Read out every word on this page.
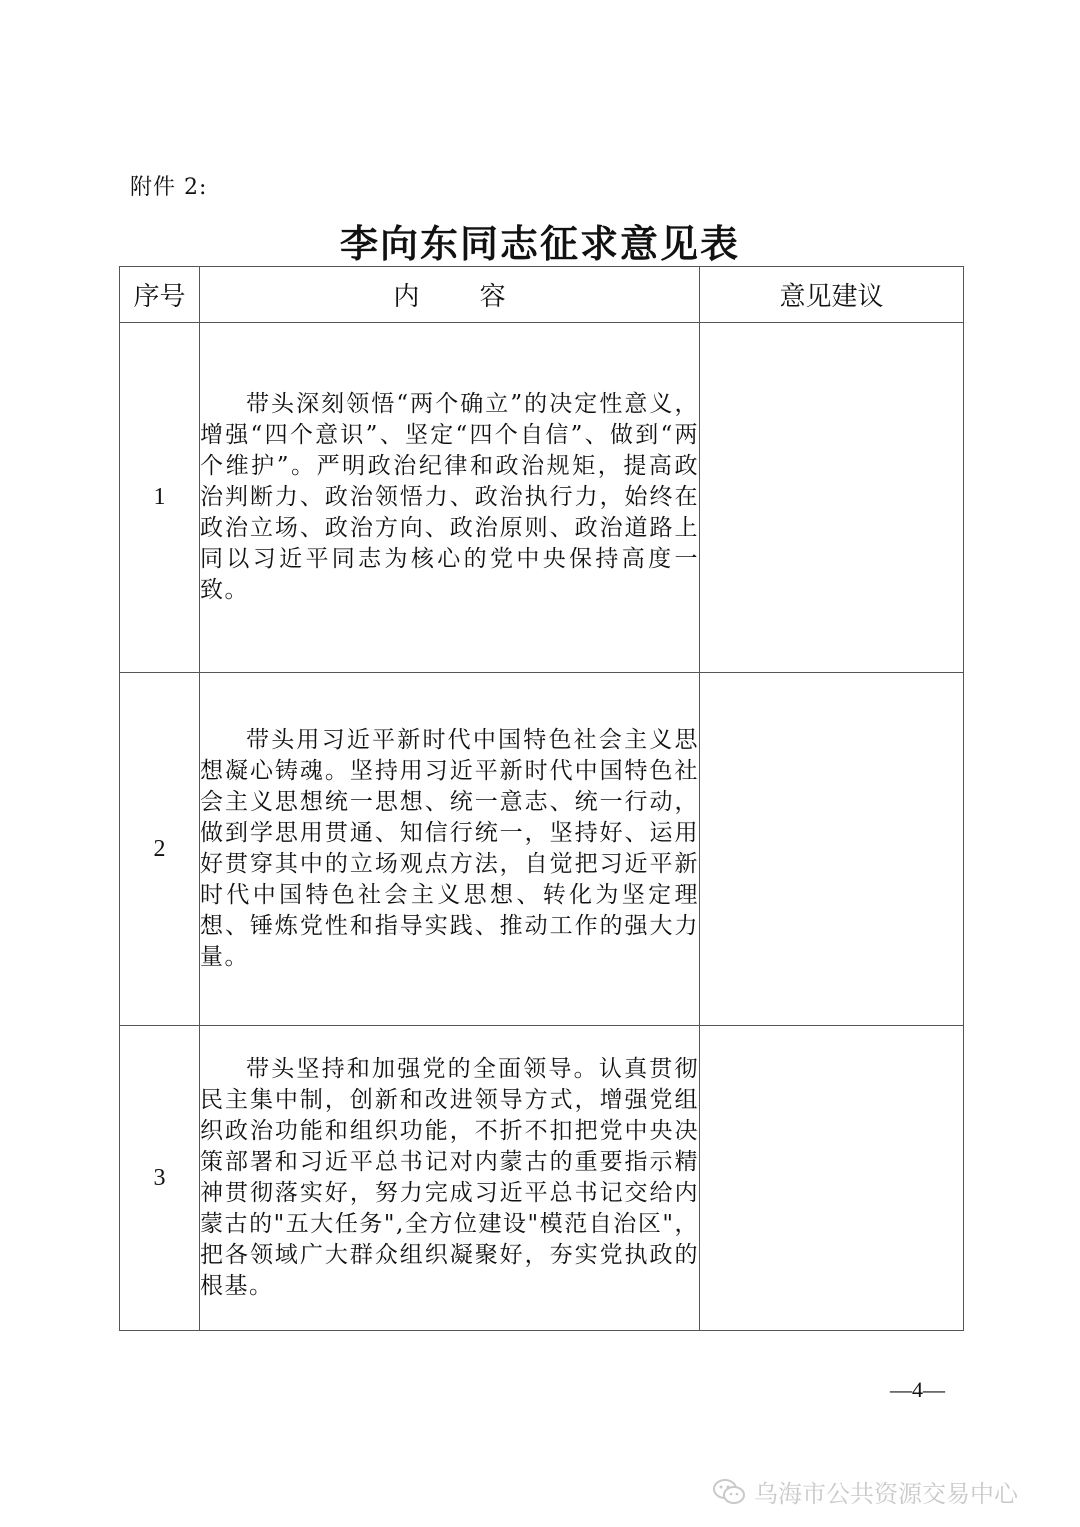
附件 2:
李向东同志征求意见表
序号	内 容	意见建议
1	带头深刻领悟“两个确立”的决定性意义，增强“四个意识”、坚定“四个自信”、做到“两个维护”。严明政治纪律和政治规矩，提高政治判断力、政治领悟力、政治执行力，始终在政治立场、政治方向、政治原则、政治道路上同以习近平同志为核心的党中央保持高度一致。	

2	带头用习近平新时代中国特色社会主义思想凝心铸魂。坚持用习近平新时代中国特色社会主义思想统一思想、统一意志、统一行动，做到学思用贯通、知信行统一，坚持好、运用好贯穿其中的立场观点方法，自觉把习近平新时代中国特色社会主义思想、转化为坚定理想、锤炼党性和指导实践、推动工作的强大力量。	

3	带头坚持和加强党的全面领导。认真贯彻民主集中制，创新和改进领导方式，增强党组织政治功能和组织功能，不折不扣把党中央决策部署和习近平总书记对内蒙古的重要指示精神贯彻落实好，努力完成习近平总书记交给内蒙古的"五大任务",全方位建设"模范自治区"，把各领域广大群众组织凝聚好，夯实党执政的根基。	

—4—
乌海市公共资源交易中心
